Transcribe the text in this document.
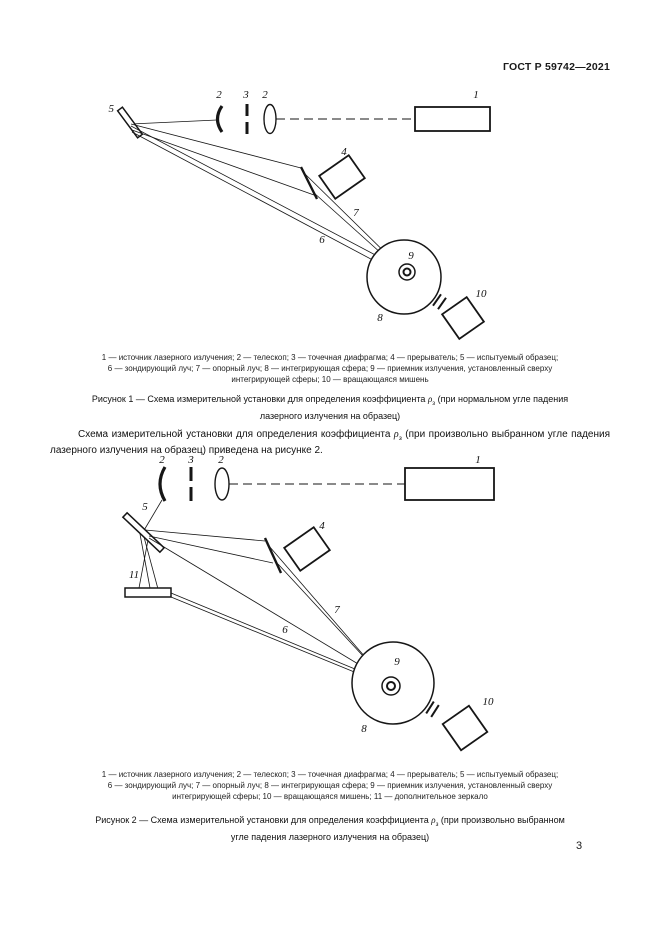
ГОСТ Р 59742—2021
2 3 2	1
5
4
7
6
9
8
10
1 — источник лазерного излучения; 2 — телескоп; 3 — точечная диафрагма; 4 — прерыватель; 5 — испытуемый образец;
6 — зондирующий луч; 7 — опорный луч; 8 — интегрирующая сфера; 9 — приемник излучения, установленный сверху
интегрирующей сферы; 10 — вращающаяся мишень
Рисунок 1 — Схема измерительной установки для определения коэффициента $\rho_з$ (при нормальном угле падения
лазерного излучения на образец)
Схема измерительной установки для определения коэффициента $\rho_з$ (при произвольно выбранном угле падения лазерного излучения на образец) приведена на рисунке 2.
2 3 2	1
5
11
4
7
6
9
8
10
1 — источник лазерного излучения; 2 — телескоп; 3 — точечная диафрагма; 4 — прерыватель; 5 — испытуемый образец;
6 — зондирующий луч; 7 — опорный луч; 8 — интегрирующая сфера; 9 — приемник излучения, установленный сверху
интегрирующей сферы; 10 — вращающаяся мишень; 11 — дополнительное зеркало
Рисунок 2 — Схема измерительной установки для определения коэффициента $\rho_з$ (при произвольно выбранном
угле падения лазерного излучения на образец)
3
